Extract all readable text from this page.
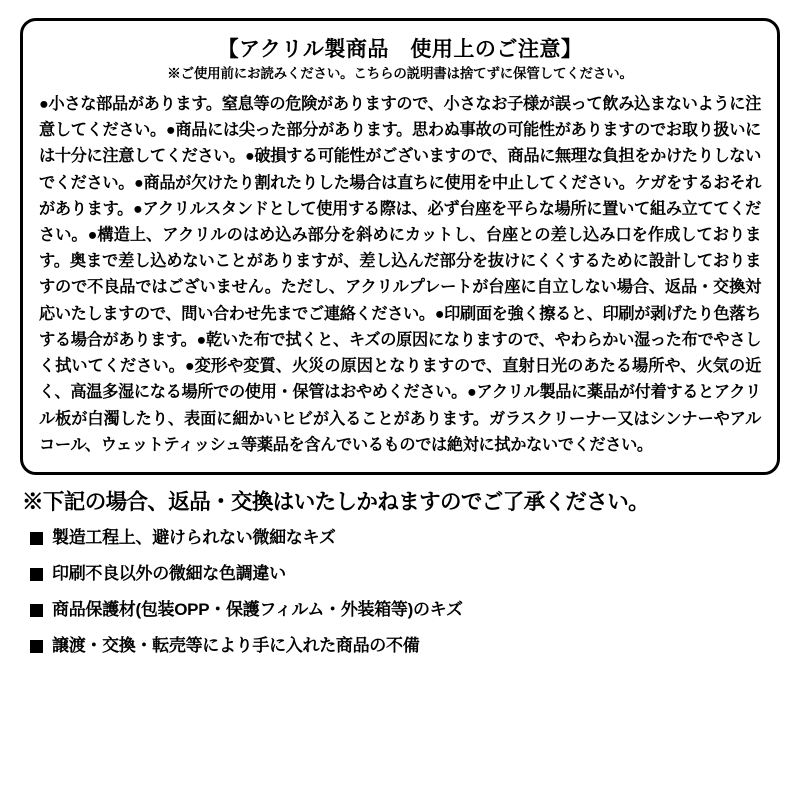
【アクリル製商品　使用上のご注意】
※ご使用前にお読みください。こちらの説明書は捨てずに保管してください。
●小さな部品があります。窒息等の危険がありますので、小さなお子様が誤って飲み込まないように注意してください。●商品には尖った部分があります。思わぬ事故の可能性がありますのでお取り扱いには十分に注意してください。●破損する可能性がございますので、商品に無理な負担をかけたりしないでください。●商品が欠けたり割れたりした場合は直ちに使用を中止してください。ケガをするおそれがあります。●アクリルスタンドとして使用する際は、必ず台座を平らな場所に置いて組み立ててください。●構造上、アクリルのはめ込み部分を斜めにカットし、台座との差し込み口を作成しております。奥まで差し込めないことがありますが、差し込んだ部分を抜けにくくするために設計しておりますので不良品ではございません。ただし、アクリルプレートが台座に自立しない場合、返品・交換対応いたしますので、問い合わせ先までご連絡ください。●印刷面を強く擦ると、印刷が剥げたり色落ちする場合があります。●乾いた布で拭くと、キズの原因になりますので、やわらかい湿った布でやさしく拭いてください。●変形や変質、火災の原因となりますので、直射日光のあたる場所や、火気の近く、高温多湿になる場所での使用・保管はおやめください。●アクリル製品に薬品が付着するとアクリル板が白濁したり、表面に細かいヒビが入ることがあります。ガラスクリーナー又はシンナーやアルコール、ウェットティッシュ等薬品を含んでいるものでは絶対に拭かないでください。
※下記の場合、返品・交換はいたしかねますのでご了承ください。
製造工程上、避けられない微細なキズ
印刷不良以外の微細な色調違い
商品保護材(包装OPP・保護フィルム・外装箱等)のキズ
譲渡・交換・転売等により手に入れた商品の不備
